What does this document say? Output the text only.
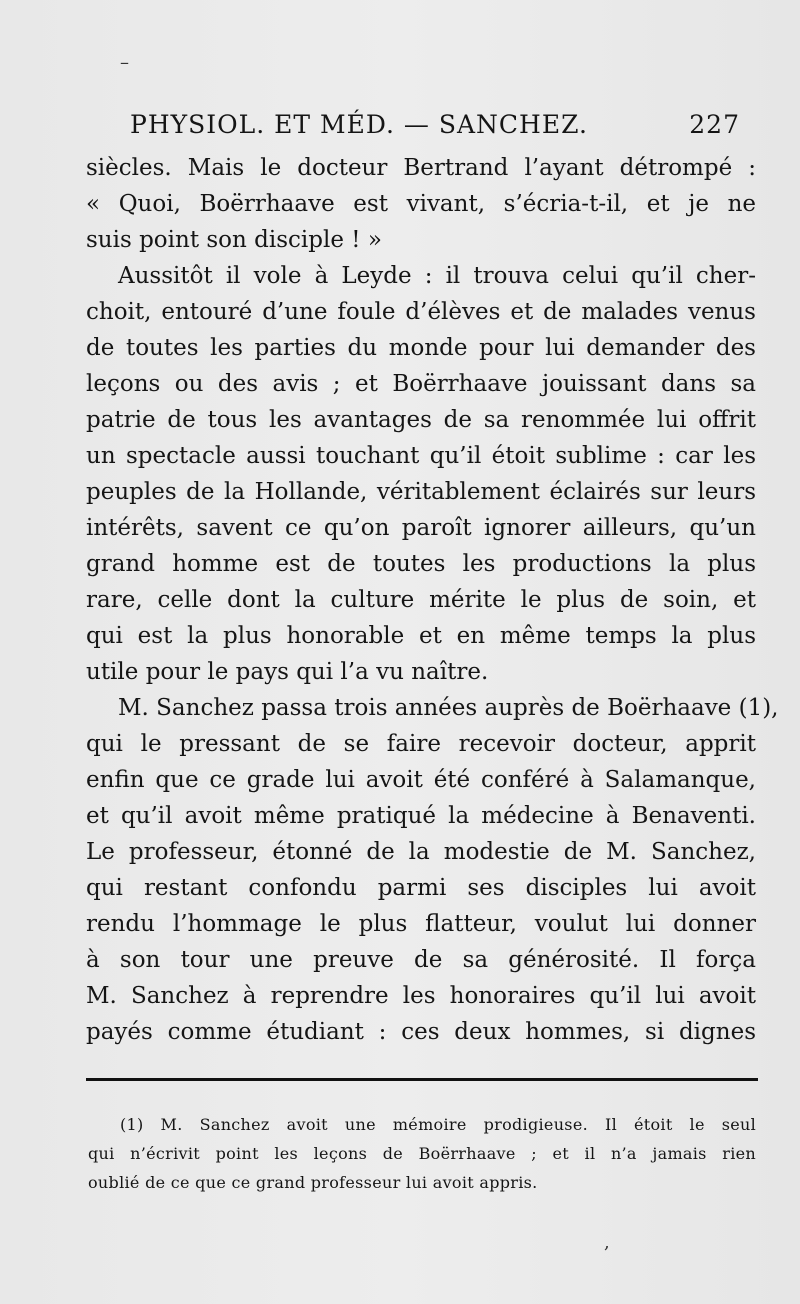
–
PHYSIOL. ET MÉD. — SANCHEZ.	227
siècles. Mais le docteur Bertrand l’ayant détrompé :
« Quoi, Boërrhaave est vivant, s’écria-t-il, et je ne
suis point son disciple ! »
Aussitôt il vole à Leyde : il trouva celui qu’il cher-
choit, entouré d’une foule d’élèves et de malades venus
de toutes les parties du monde pour lui demander des
leçons ou des avis ; et Boërrhaave jouissant dans sa
patrie de tous les avantages de sa renommée lui offrit
un spectacle aussi touchant qu’il étoit sublime : car les
peuples de la Hollande, véritablement éclairés sur leurs
intérêts, savent ce qu’on paroît ignorer ailleurs, qu’un
grand homme est de toutes les productions la plus
rare, celle dont la culture mérite le plus de soin, et
qui est la plus honorable et en même temps la plus
utile pour le pays qui l’a vu naître.
M. Sanchez passa trois années auprès de Boërhaave (1),
qui le pressant de se faire recevoir docteur, apprit
enfin que ce grade lui avoit été conféré à Salamanque,
et qu’il avoit même pratiqué la médecine à Benaventi.
Le professeur, étonné de la modestie de M. Sanchez,
qui restant confondu parmi ses disciples lui avoit
rendu l’hommage le plus flatteur, voulut lui donner
à son tour une preuve de sa générosité. Il força
M. Sanchez à reprendre les honoraires qu’il lui avoit
payés comme étudiant : ces deux hommes, si dignes
(1) M. Sanchez avoit une mémoire prodigieuse. Il étoit le seul
qui n’écrivit point les leçons de Boërrhaave ; et il n’a jamais rien
oublié de ce que ce grand professeur lui avoit appris.
,
